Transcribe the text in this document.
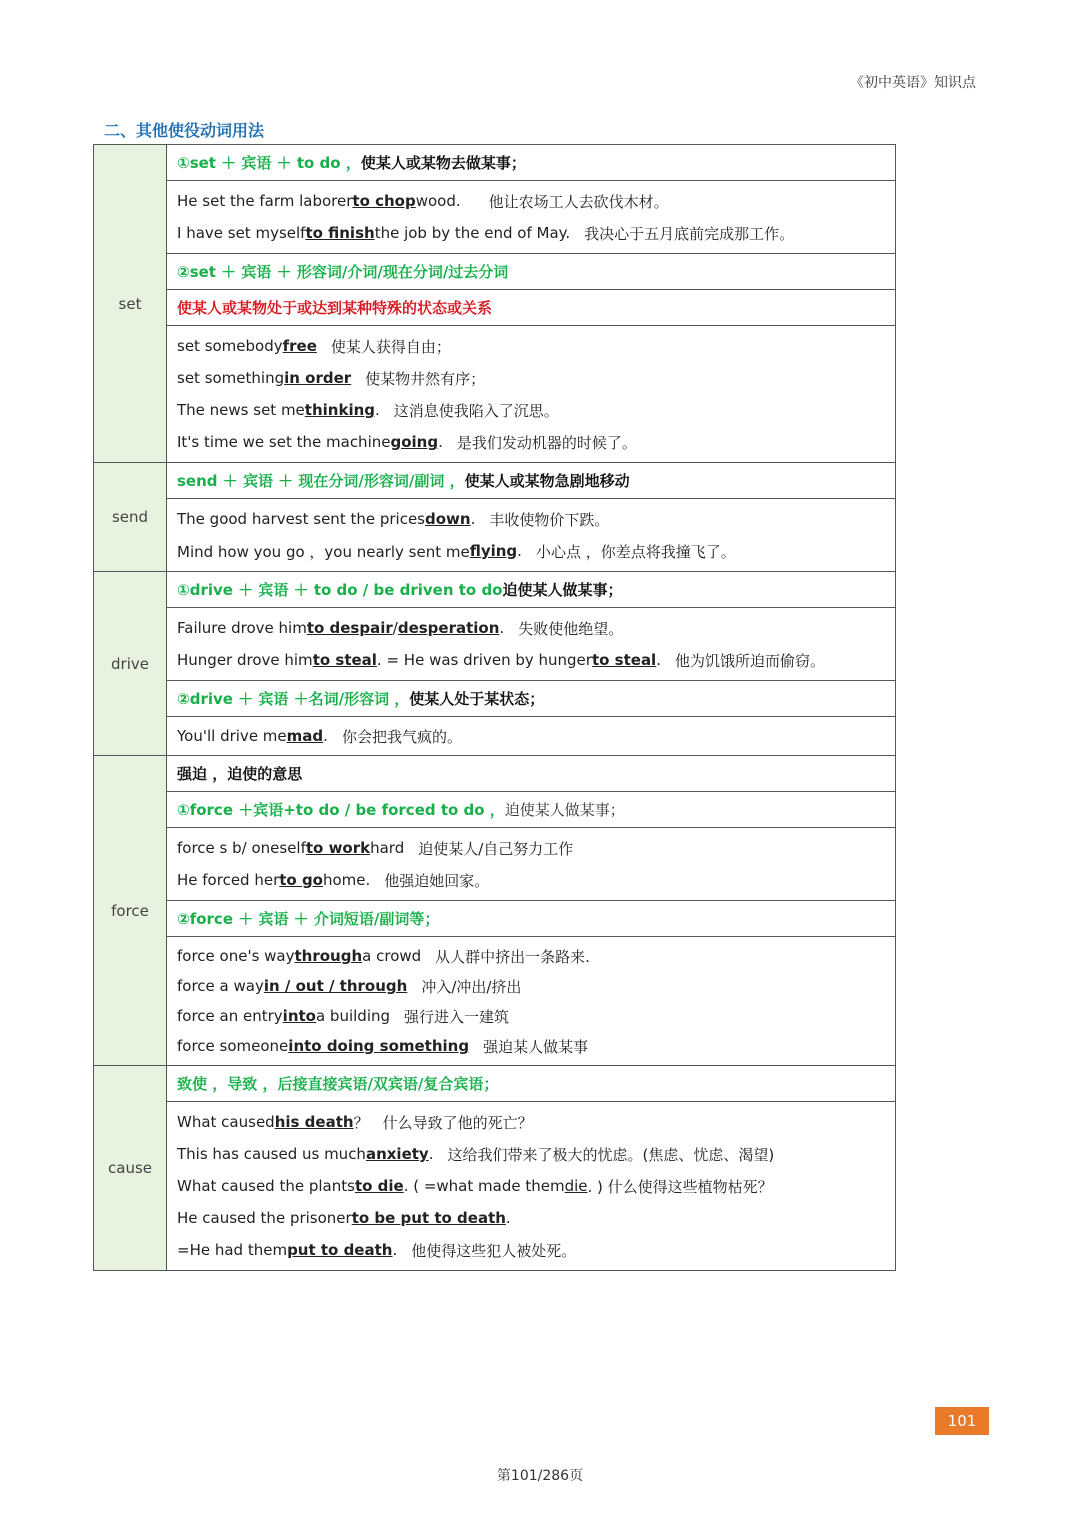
《初中英语》知识点
二、其他使役动词用法
set
①set ＋ 宾语 ＋ to do ， 使某人或某物去做某事；
He set the farm laborer to chop wood. 他让农场工人去砍伐木材。
I have set myself to finish the job by the end of May. 我决心于五月底前完成那工作。
②set ＋ 宾语 ＋ 形容词/介词/现在分词/过去分词
使某人或某物处于或达到某种特殊的状态或关系
set somebody free 使某人获得自由；
set something in order 使某物井然有序；
The news set me thinking . 这消息使我陷入了沉思。
It's time we set the machine going . 是我们发动机器的时候了。
send
send ＋ 宾语 ＋ 现在分词/形容词/副词 ， 使某人或某物急剧地移动
The good harvest sent the prices down . 丰收使物价下跌。
Mind how you go ，you nearly sent me flying . 小心点 ，你差点将我撞飞了。
drive
①drive ＋ 宾语 ＋ to do / be driven to do 迫使某人做某事；
Failure drove him to despair / desperation . 失败使他绝望。
Hunger drove him to steal . = He was driven by hunger to steal . 他为饥饿所迫而偷窃。
②drive ＋ 宾语 ＋名词/形容词 ， 使某人处于某状态；
You'll drive me mad . 你会把我气疯的。
force
强迫 ，迫使的意思
①force ＋宾语+to do / be forced to do ， 迫使某人做某事；
force s b/ oneself to work hard 迫使某人/自己努力工作
He forced her to go home. 他强迫她回家。
②force ＋ 宾语 ＋ 介词短语/副词等；
force one's way through a crowd 从人群中挤出一条路来.
force a way in / out / through 冲入/冲出/挤出
force an entry into a building 强行进入一建筑
force someone into doing something 强迫某人做某事
cause
致使 ，导致 ，后接直接宾语/双宾语/复合宾语；
What caused his death ？ 什么导致了他的死亡？
This has caused us much anxiety . 这给我们带来了极大的忧虑。(焦虑、忧虑、渴望)
What caused the plants to die . ( =what made them die . ) 什么使得这些植物枯死？
He caused the prisoner to be put to death .
=He had them put to death . 他使得这些犯人被处死。
101
第101/286页
